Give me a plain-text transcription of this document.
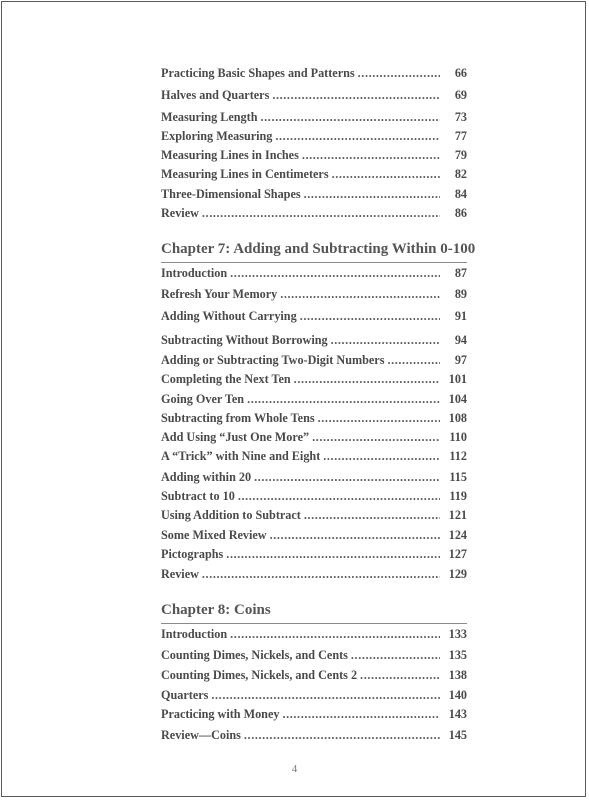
Practicing Basic Shapes and Patterns .....	66
Halves and Quarters .....	69
Measuring Length .....	73
Exploring Measuring .....	77
Measuring Lines in Inches .....	79
Measuring Lines in Centimeters .....	82
Three-Dimensional Shapes .....	84
Review .....	86
Chapter 7: Adding and Subtracting Within 0-100
Introduction .....	87
Refresh Your Memory .....	89
Adding Without Carrying .....	91
Subtracting Without Borrowing .....	94
Adding or Subtracting Two-Digit Numbers .....	97
Completing the Next Ten .....	101
Going Over Ten .....	104
Subtracting from Whole Tens .....	108
Add Using “Just One More” .....	110
A “Trick” with Nine and Eight .....	112
Adding within 20 .....	115
Subtract to 10 .....	119
Using Addition to Subtract .....	121
Some Mixed Review .....	124
Pictographs .....	127
Review .....	129
Chapter 8: Coins
Introduction .....	133
Counting Dimes, Nickels, and Cents .....	135
Counting Dimes, Nickels, and Cents 2 .....	138
Quarters .....	140
Practicing with Money .....	143
Review—Coins .....	145
4
